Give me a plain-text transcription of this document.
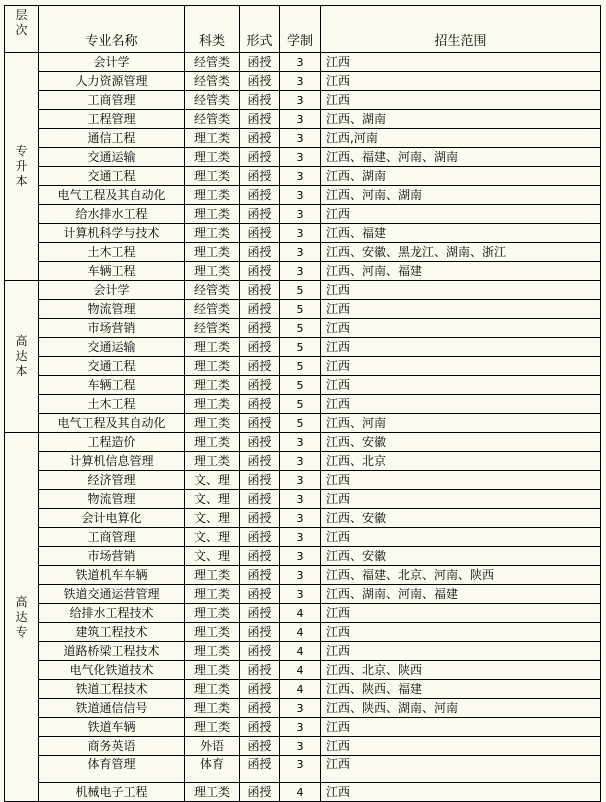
层次	专业名称	科类	形式	学制	招生范围
专升本	会计学	经管类	函授	3	江西
	人力资源管理	经管类	函授	3	江西
	工商管理	经管类	函授	3	江西
	工程管理	经管类	函授	3	江西、湖南
	通信工程	理工类	函授	3	江西,河南
	交通运输	理工类	函授	3	江西、福建、河南、湖南
	交通工程	理工类	函授	3	江西、湖南
	电气工程及其自动化	理工类	函授	3	江西、河南、湖南
	给水排水工程	理工类	函授	3	江西
	计算机科学与技术	理工类	函授	3	江西、福建
	土木工程	理工类	函授	3	江西、安徽、黑龙江、湖南、浙江
	车辆工程	理工类	函授	3	江西、河南、福建
高达本	会计学	经管类	函授	5	江西
	物流管理	经管类	函授	5	江西
	市场营销	经管类	函授	5	江西
	交通运输	理工类	函授	5	江西
	交通工程	理工类	函授	5	江西
	车辆工程	理工类	函授	5	江西
	土木工程	理工类	函授	5	江西
	电气工程及其自动化	理工类	函授	5	江西、河南
高达专	工程造价	理工类	函授	3	江西、安徽
	计算机信息管理	理工类	函授	3	江西、北京
	经济管理	文、理	函授	3	江西
	物流管理	文、理	函授	3	江西
	会计电算化	文、理	函授	3	江西、安徽
	工商管理	文、理	函授	3	江西
	市场营销	文、理	函授	3	江西、安徽
	铁道机车车辆	理工类	函授	3	江西、福建、北京、河南、陕西
	铁道交通运营管理	理工类	函授	3	江西、湖南、河南、福建
	给排水工程技术	理工类	函授	4	江西
	建筑工程技术	理工类	函授	4	江西
	道路桥梁工程技术	理工类	函授	4	江西
	电气化铁道技术	理工类	函授	4	江西、北京、陕西
	铁道工程技术	理工类	函授	4	江西、陕西、福建
	铁道通信信号	理工类	函授	3	江西、陕西、湖南、河南
	铁道车辆	理工类	函授	3	江西
	商务英语	外语	函授	3	江西
	体育管理	体育	函授	3	江西
	机械电子工程	理工类	函授	4	江西
